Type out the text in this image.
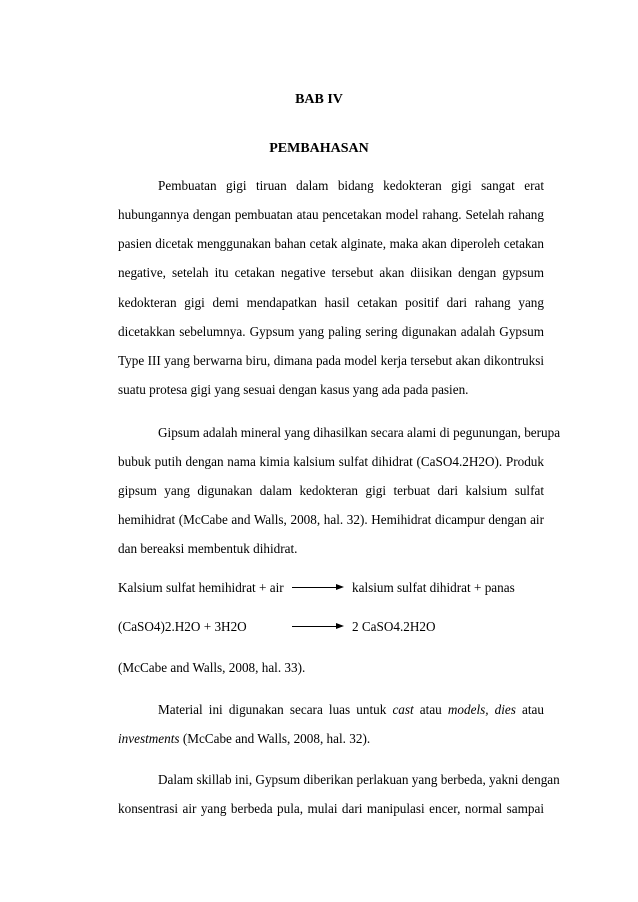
BAB IV
PEMBAHASAN
Pembuatan gigi tiruan dalam bidang kedokteran gigi sangat erat
hubungannya dengan pembuatan atau pencetakan model rahang. Setelah rahang
pasien dicetak menggunakan bahan cetak alginate, maka akan diperoleh cetakan
negative, setelah itu cetakan negative tersebut akan diisikan dengan gypsum
kedokteran gigi demi mendapatkan hasil cetakan positif dari rahang yang
dicetakkan sebelumnya. Gypsum yang paling sering digunakan adalah Gypsum
Type III yang berwarna biru, dimana pada model kerja tersebut akan dikontruksi
suatu protesa gigi yang sesuai dengan kasus yang ada pada pasien.
Gipsum adalah mineral yang dihasilkan secara alami di pegunungan, berupa
bubuk putih dengan nama kimia kalsium sulfat dihidrat (CaSO4.2H2O). Produk
gipsum yang digunakan dalam kedokteran gigi terbuat dari kalsium sulfat
hemihidrat (McCabe and Walls, 2008, hal. 32). Hemihidrat dicampur dengan air
dan bereaksi membentuk dihidrat.
Kalsium sulfat hemihidrat + air	kalsium sulfat dihidrat + panas
(CaSO4)2.H2O + 3H2O	2 CaSO4.2H2O
(McCabe and Walls, 2008, hal. 33).
Material ini digunakan secara luas untuk cast atau models, dies atau
investments (McCabe and Walls, 2008, hal. 32).
Dalam skillab ini, Gypsum diberikan perlakuan yang berbeda, yakni dengan
konsentrasi air yang berbeda pula, mulai dari manipulasi encer, normal sampai
